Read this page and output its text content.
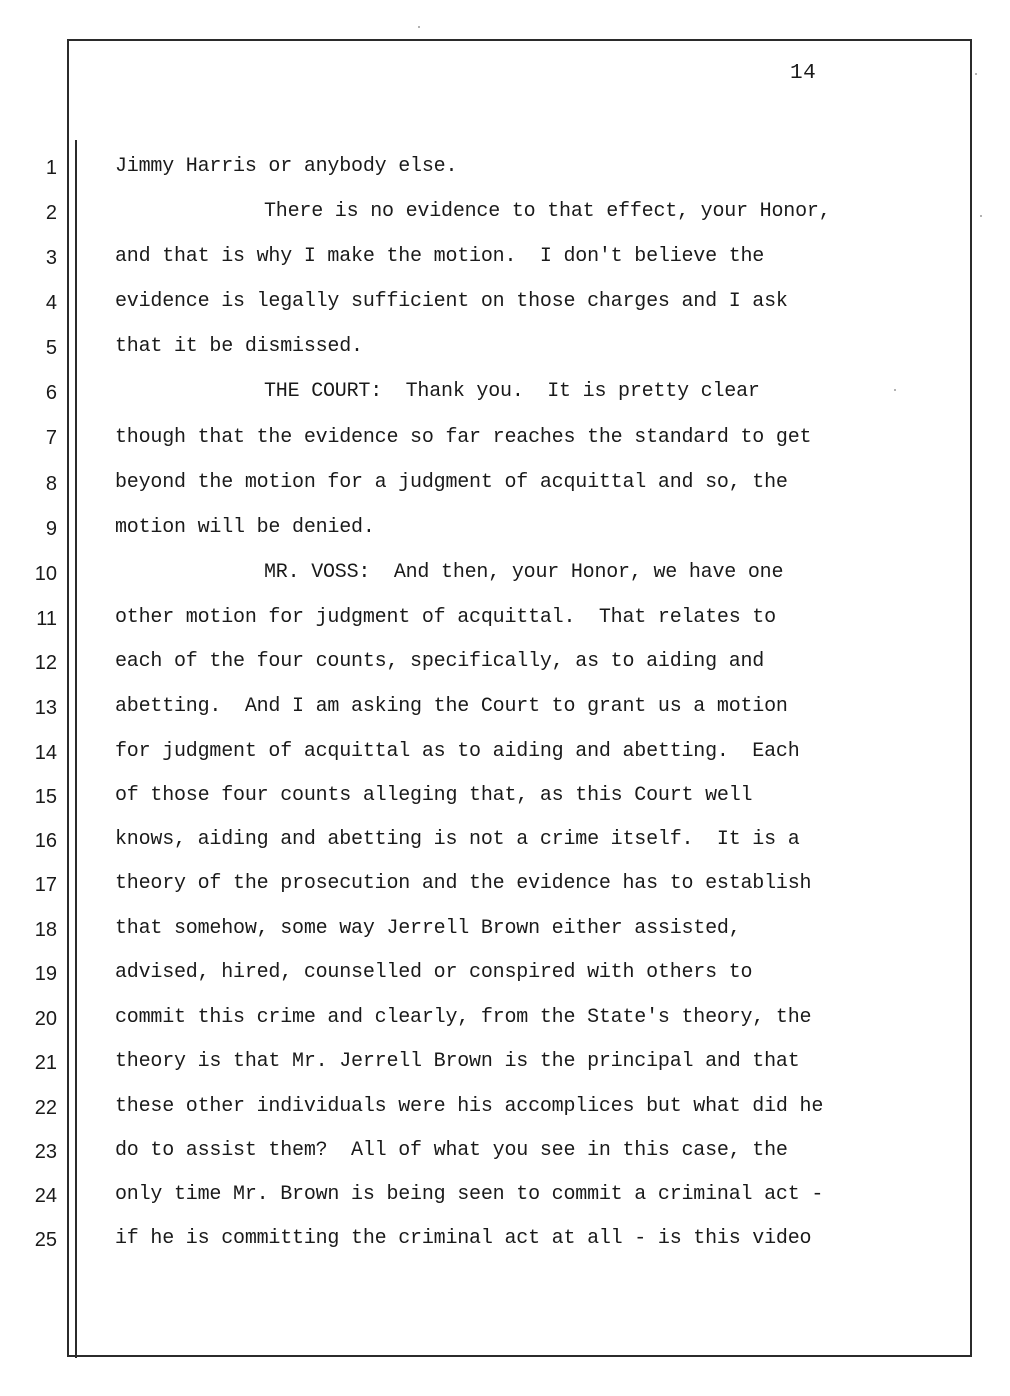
14
1
2
3
4
5
6
7
8
9
10
11
12
13
14
15
16
17
18
19
20
21
22
23
24
25
Jimmy Harris or anybody else.
There is no evidence to that effect, your Honor,
and that is why I make the motion.  I don't believe the
evidence is legally sufficient on those charges and I ask
that it be dismissed.
THE COURT:  Thank you.  It is pretty clear
though that the evidence so far reaches the standard to get
beyond the motion for a judgment of acquittal and so, the
motion will be denied.
MR. VOSS:  And then, your Honor, we have one
other motion for judgment of acquittal.  That relates to
each of the four counts, specifically, as to aiding and
abetting.  And I am asking the Court to grant us a motion
for judgment of acquittal as to aiding and abetting.  Each
of those four counts alleging that, as this Court well
knows, aiding and abetting is not a crime itself.  It is a
theory of the prosecution and the evidence has to establish
that somehow, some way Jerrell Brown either assisted,
advised, hired, counselled or conspired with others to
commit this crime and clearly, from the State's theory, the
theory is that Mr. Jerrell Brown is the principal and that
these other individuals were his accomplices but what did he
do to assist them?  All of what you see in this case, the
only time Mr. Brown is being seen to commit a criminal act -
if he is committing the criminal act at all - is this video
